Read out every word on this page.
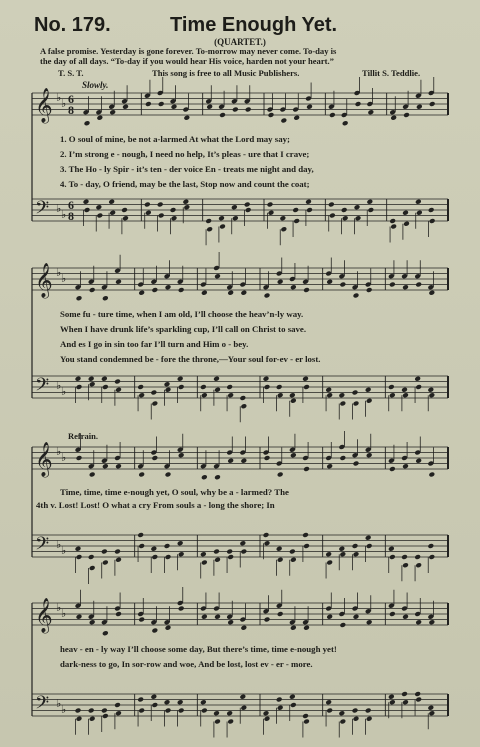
No. 179.	Time Enough Yet.
(QUARTET.)
A false promise. Yesterday is gone forever. To-morrow may never come. To-day is
the day of all days. “To-day if you would hear His voice, harden not your heart.”
T. S. T.	This song is free to all Music Publishers.	Tillit S. Teddlie.
Slowly.
1. O soul of mine, be not a-larmed At what the Lord may say;
2. I’m strong e - nough, I need no help, It’s pleas - ure that I crave;
3. The Ho - ly Spir - it’s ten - der voice En - treats me night and day,
4. To - day, O friend, may be the last, Stop now and count the coat;
Some fu - ture time, when I am old, I’ll choose the heav’n-ly way.
When I have drunk life’s sparkling cup, I’ll call on Christ to save.
And es I go in sin too far I’ll turn and Him o - bey.
You stand condemned be - fore the throne,—Your soul for-ev - er lost.
Refrain.
Time, time, time e-nough yet, O soul, why be a - larmed? The
4th v. Lost! Lost! O what a cry From souls a - long the shore; In
heav - en - ly way I’ll choose some day, But there’s time, time e-nough yet!
dark-ness to go, In sor-row and woe, And be lost, lost ev - er - more.
𝄞
𝄢
♭
♭
♭
♭
6
6
8
8
𝄞
𝄢
♭
♭
♭
♭
𝄞
𝄢
♭
♭
♭
♭
𝄞
𝄢
♭
♭
♭
♭
